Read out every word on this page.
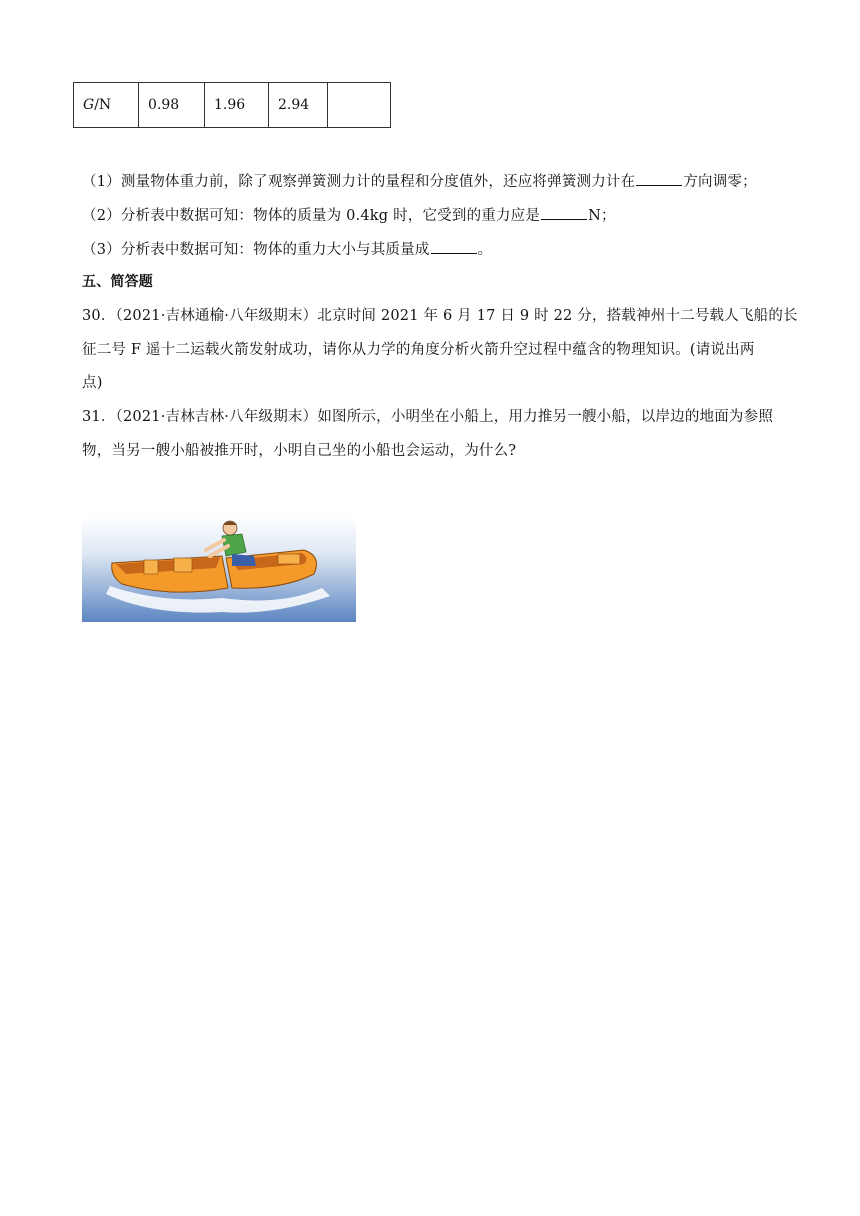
G/N	0.98	1.96	2.94	
（1）测量物体重力前，除了观察弹簧测力计的量程和分度值外，还应将弹簧测力计在	方向调零；
（2）分析表中数据可知：物体的质量为 0.4kg 时，它受到的重力应是	N；
（3）分析表中数据可知：物体的重力大小与其质量成	。
五、简答题
30．（2021·吉林通榆·八年级期末）北京时间 2021 年 6 月 17 日 9 时 22 分，搭载神州十二号载人飞船的长
征二号 F 遥十二运载火箭发射成功，请你从力学的角度分析火箭升空过程中蕴含的物理知识。(请说出两
点)
31．（2021·吉林吉林·八年级期末）如图所示，小明坐在小船上，用力推另一艘小船，以岸边的地面为参照
物，当另一艘小船被推开时，小明自己坐的小船也会运动，为什么?
